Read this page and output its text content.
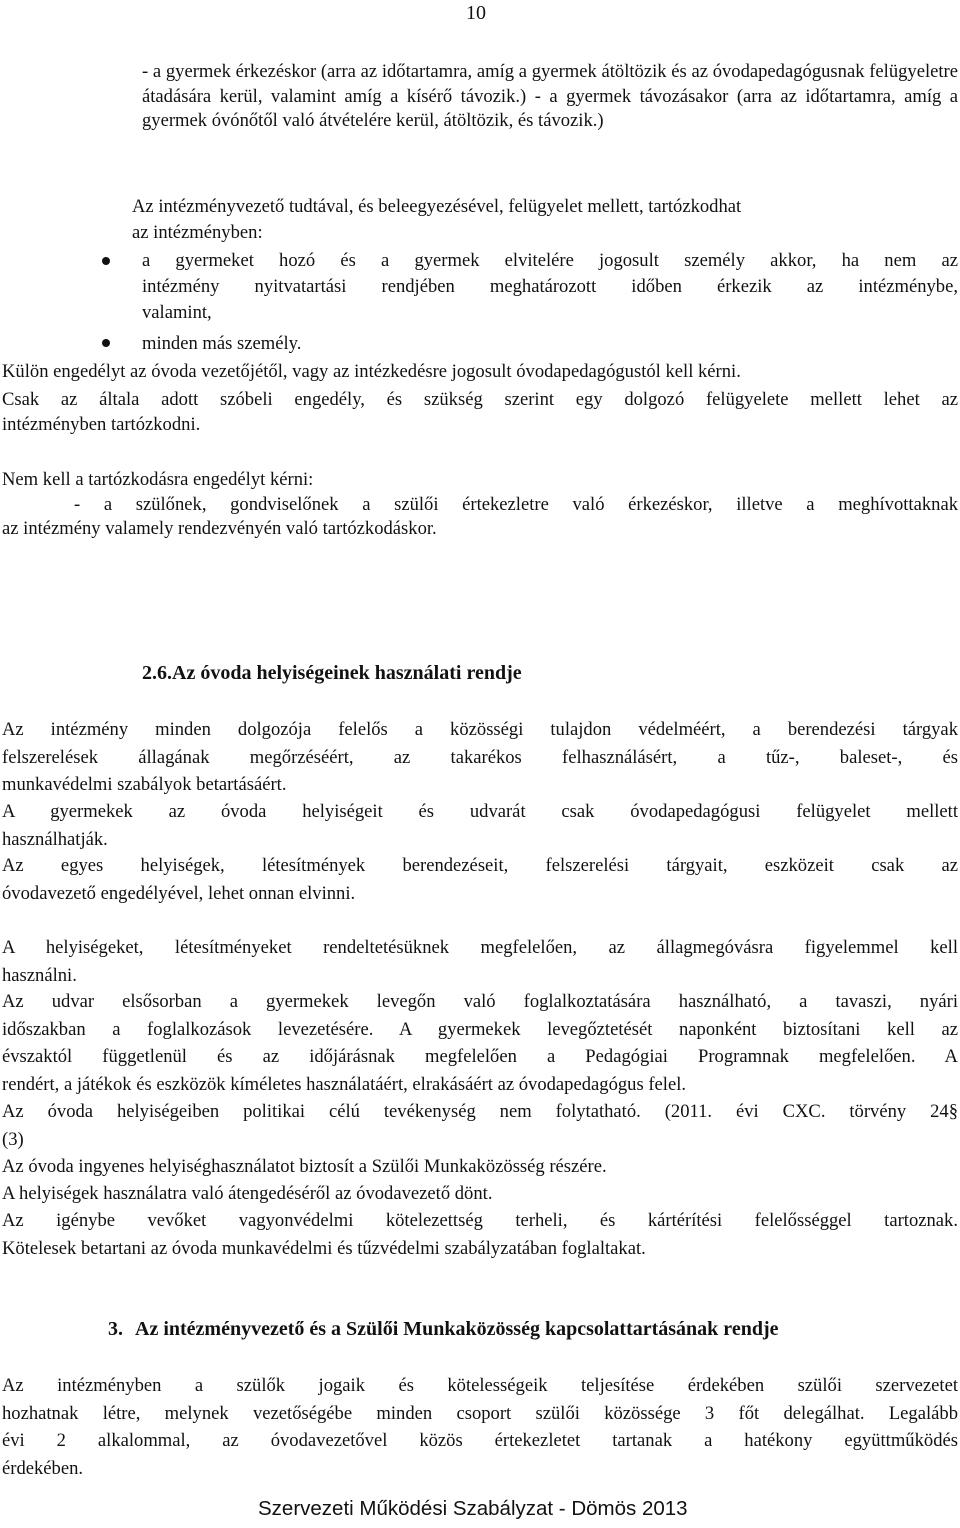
10
- a gyermek érkezéskor (arra az időtartamra, amíg a gyermek átöltözik és az óvodapedagógusnak felügyeletre átadására kerül, valamint amíg a kísérő távozik.) - a gyermek távozásakor (arra az időtartamra, amíg a gyermek óvónőtől való átvételére kerül, átöltözik, és távozik.)
Az intézményvezető tudtával, és beleegyezésével, felügyelet mellett, tartózkodhat
az intézményben:
a gyermeket hozó és a gyermek elvitelére jogosult személy akkor, ha nem az
intézmény nyitvatartási rendjében meghatározott időben érkezik az intézménybe,
valamint,
minden más személy.
Külön engedélyt az óvoda vezetőjétől, vagy az intézkedésre jogosult óvodapedagógustól kell kérni.
Csak az általa adott szóbeli engedély, és szükség szerint egy dolgozó felügyelete mellett lehet az
intézményben tartózkodni.
Nem kell a tartózkodásra engedélyt kérni:
- a szülőnek, gondviselőnek a szülői értekezletre való érkezéskor, illetve a meghívottaknak
az intézmény valamely rendezvényén való tartózkodáskor.
2.6.Az óvoda helyiségeinek használati rendje
Az intézmény minden dolgozója felelős a közösségi tulajdon védelméért, a berendezési tárgyak
felszerelések állagának megőrzéséért, az takarékos felhasználásért, a tűz-, baleset-, és
munkavédelmi szabályok betartásáért.
A gyermekek az óvoda helyiségeit és udvarát csak óvodapedagógusi felügyelet mellett
használhatják.
Az egyes helyiségek, létesítmények berendezéseit, felszerelési tárgyait, eszközeit csak az
óvodavezető engedélyével, lehet onnan elvinni.
A helyiségeket, létesítményeket rendeltetésüknek megfelelően, az állagmegóvásra figyelemmel kell
használni.
Az udvar elsősorban a gyermekek levegőn való foglalkoztatására használható, a tavaszi, nyári
időszakban a foglalkozások levezetésére. A gyermekek levegőztetését naponként biztosítani kell az
évszaktól függetlenül és az időjárásnak megfelelően a Pedagógiai Programnak megfelelően. A
rendért, a játékok és eszközök kíméletes használatáért, elrakásáért az óvodapedagógus felel.
Az óvoda helyiségeiben politikai célú tevékenység nem folytatható. (2011. évi CXC. törvény 24§
(3)
Az óvoda ingyenes helyiséghasználatot biztosít a Szülői Munkaközösség részére.
A helyiségek használatra való átengedéséről az óvodavezető dönt.
Az igénybe vevőket vagyonvédelmi kötelezettség terheli, és kártérítési felelősséggel tartoznak.
Kötelesek betartani az óvoda munkavédelmi és tűzvédelmi szabályzatában foglaltakat.
3. Az intézményvezető és a Szülői Munkaközösség kapcsolattartásának rendje
Az intézményben a szülők jogaik és kötelességeik teljesítése érdekében szülői szervezetet
hozhatnak létre, melynek vezetőségébe minden csoport szülői közössége 3 főt delegálhat. Legalább
évi 2 alkalommal, az óvodavezetővel közös értekezletet tartanak a hatékony együttműködés
érdekében.
Szervezeti Működési Szabályzat - Dömös 2013
